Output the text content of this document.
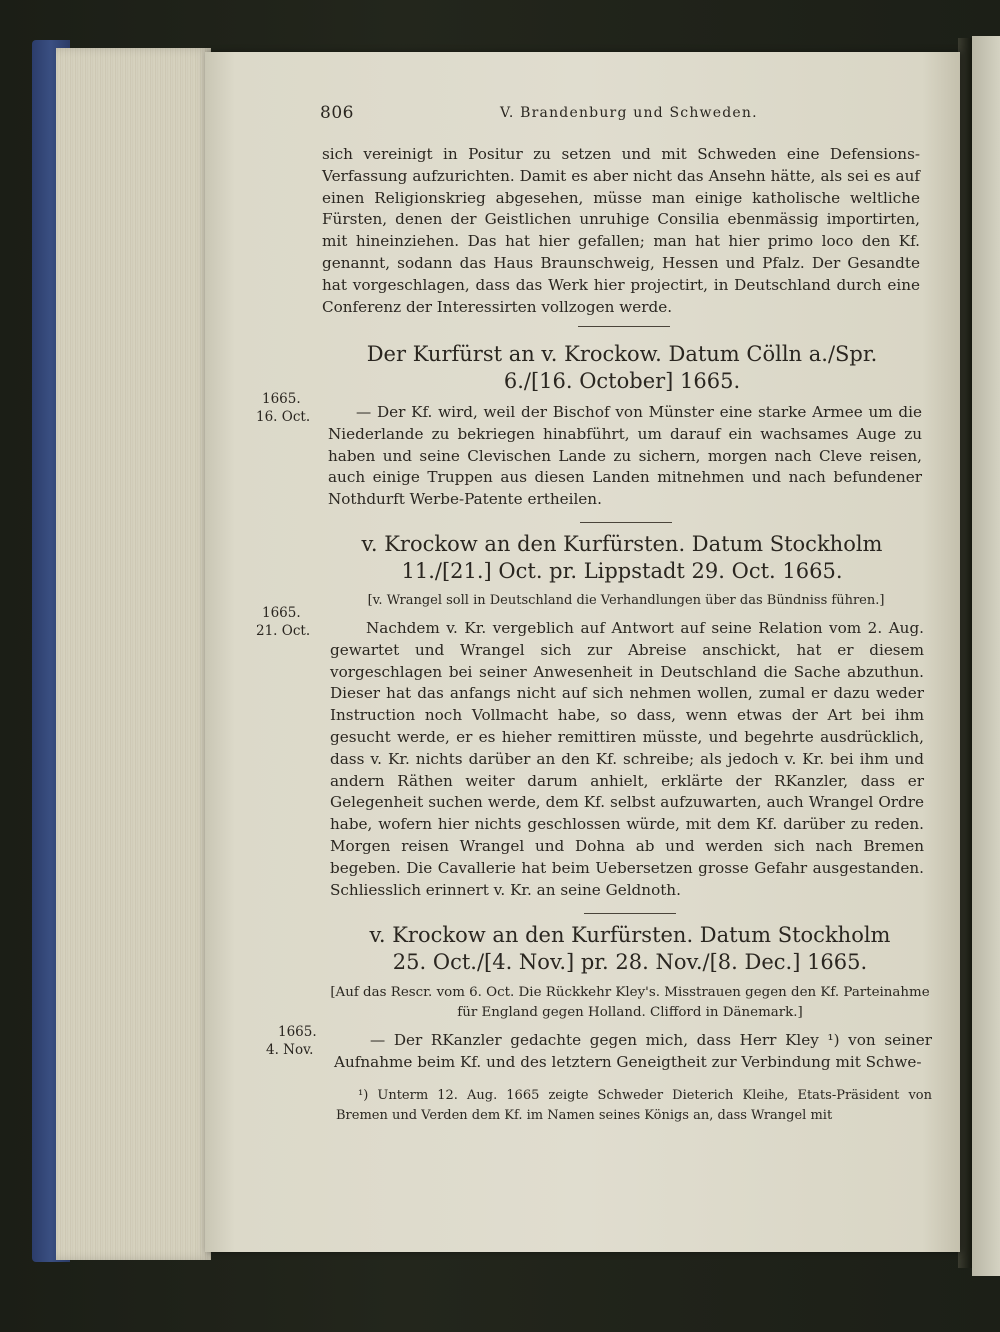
806	V. Brandenburg und Schweden.

sich vereinigt in Positur zu setzen und mit Schweden eine Defensions-Verfassung aufzurichten. Damit es aber nicht das Ansehn hätte, als sei es auf einen Religionskrieg abgesehen, müsse man einige katholische weltliche Fürsten, denen der Geistlichen unruhige Consilia ebenmässig importirten, mit hineinziehen. Das hat hier gefallen; man hat hier primo loco den Kf. genannt, sodann das Haus Braunschweig, Hessen und Pfalz. Der Gesandte hat vorgeschlagen, dass das Werk hier projectirt, in Deutschland durch eine Conferenz der Interessirten vollzogen werde.

Der Kurfürst an v. Krockow. Datum Cölln a./Spr.
6./[16. October] 1665.
1665.
16. Oct.	— Der Kf. wird, weil der Bischof von Münster eine starke Armee um die Niederlande zu bekriegen hinabführt, um darauf ein wachsames Auge zu haben und seine Clevischen Lande zu sichern, morgen nach Cleve reisen, auch einige Truppen aus diesen Landen mitnehmen und nach befundener Nothdurft Werbe-Patente ertheilen.

v. Krockow an den Kurfürsten. Datum Stockholm
11./[21.] Oct. pr. Lippstadt 29. Oct. 1665.
[v. Wrangel soll in Deutschland die Verhandlungen über das Bündniss führen.]
1665.
21. Oct.	Nachdem v. Kr. vergeblich auf Antwort auf seine Relation vom 2. Aug. gewartet und Wrangel sich zur Abreise anschickt, hat er diesem vorgeschlagen bei seiner Anwesenheit in Deutschland die Sache abzuthun. Dieser hat das anfangs nicht auf sich nehmen wollen, zumal er dazu weder Instruction noch Vollmacht habe, so dass, wenn etwas der Art bei ihm gesucht werde, er es hieher remittiren müsste, und begehrte ausdrücklich, dass v. Kr. nichts darüber an den Kf. schreibe; als jedoch v. Kr. bei ihm und andern Räthen weiter darum anhielt, erklärte der RKanzler, dass er Gelegenheit suchen werde, dem Kf. selbst aufzuwarten, auch Wrangel Ordre habe, wofern hier nichts geschlossen würde, mit dem Kf. darüber zu reden. Morgen reisen Wrangel und Dohna ab und werden sich nach Bremen begeben. Die Cavallerie hat beim Uebersetzen grosse Gefahr ausgestanden. Schliesslich erinnert v. Kr. an seine Geldnoth.

v. Krockow an den Kurfürsten. Datum Stockholm
25. Oct./[4. Nov.] pr. 28. Nov./[8. Dec.] 1665.
[Auf das Rescr. vom 6. Oct. Die Rückkehr Kley's. Misstrauen gegen den Kf. Parteinahme für England gegen Holland. Clifford in Dänemark.]
1665.
4. Nov.

— Der RKanzler gedachte gegen mich, dass Herr Kley ¹) von seiner Aufnahme beim Kf. und des letztern Geneigtheit zur Verbindung mit Schwe-

¹) Unterm 12. Aug. 1665 zeigte Schweder Dieterich Kleihe, Etats-Präsident von Bremen und Verden dem Kf. im Namen seines Königs an, dass Wrangel mit
